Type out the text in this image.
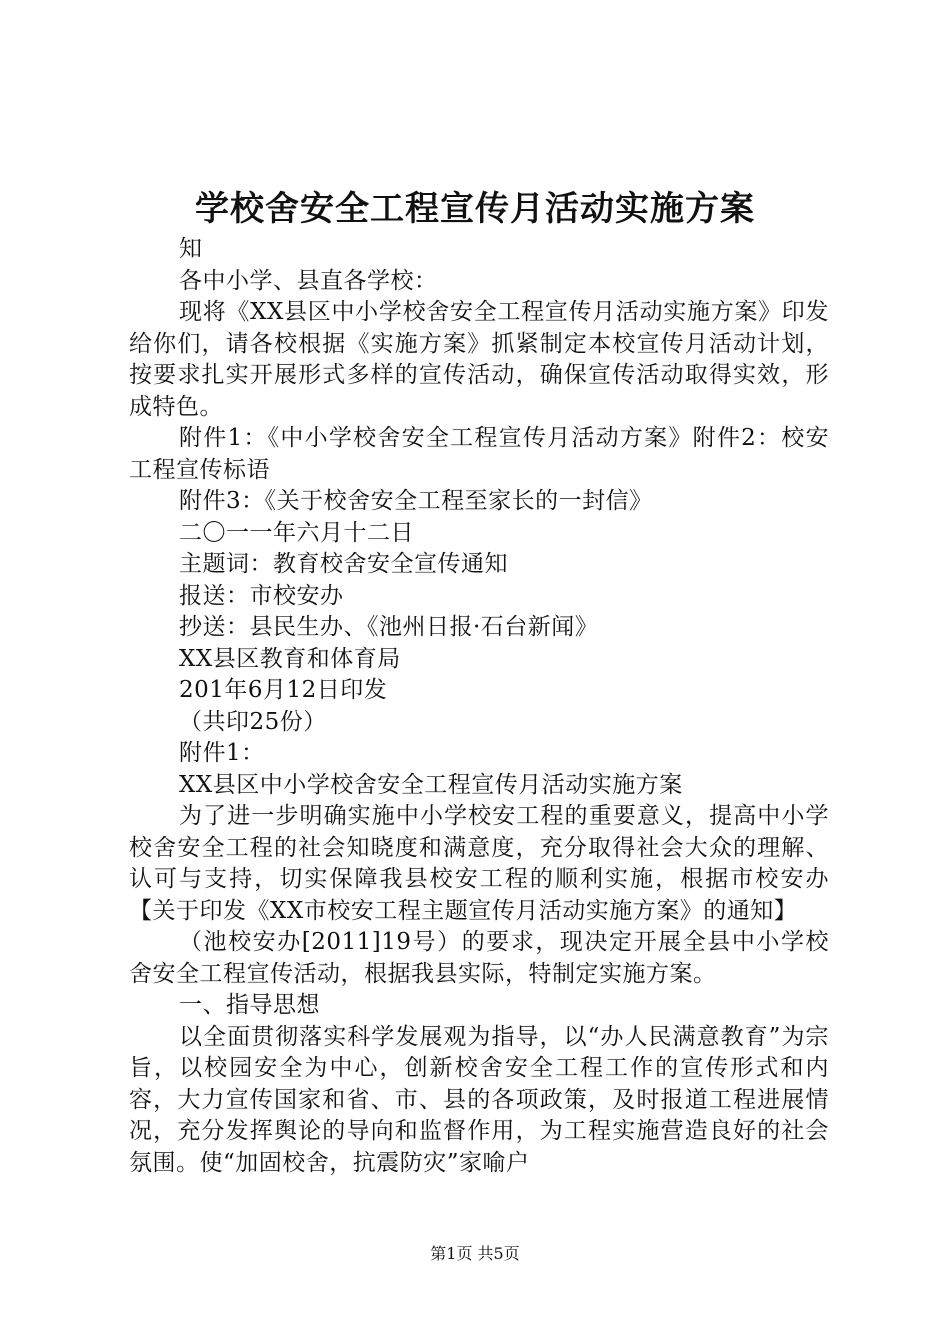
学校舍安全工程宣传月活动实施方案

知

各中小学、县直各学校：

现将《XX县区中小学校舍安全工程宣传月活动实施方案》印发给你们，请各校根据《实施方案》抓紧制定本校宣传月活动计划，按要求扎实开展形式多样的宣传活动，确保宣传活动取得实效，形成特色。

附件1：《中小学校舍安全工程宣传月活动方案》附件2：校安工程宣传标语

附件3：《关于校舍安全工程至家长的一封信》

二〇一一年六月十二日

主题词：教育校舍安全宣传通知

报送：市校安办

抄送：县民生办、《池州日报·石台新闻》

XX县区教育和体育局

201年6月12日印发

（共印25份）

附件1：

XX县区中小学校舍安全工程宣传月活动实施方案

为了进一步明确实施中小学校安工程的重要意义，提高中小学校舍安全工程的社会知晓度和满意度，充分取得社会大众的理解、认可与支持，切实保障我县校安工程的顺利实施，根据市校安办【关于印发《XX市校安工程主题宣传月活动实施方案》的通知】

（池校安办[2011]19号）的要求，现决定开展全县中小学校舍安全工程宣传活动，根据我县实际，特制定实施方案。

一、指导思想

以全面贯彻落实科学发展观为指导，以“办人民满意教育”为宗旨，以校园安全为中心，创新校舍安全工程工作的宣传形式和内容，大力宣传国家和省、市、县的各项政策，及时报道工程进展情况，充分发挥舆论的导向和监督作用，为工程实施营造良好的社会氛围。使“加固校舍，抗震防灾”家喻户

第1页 共5页
